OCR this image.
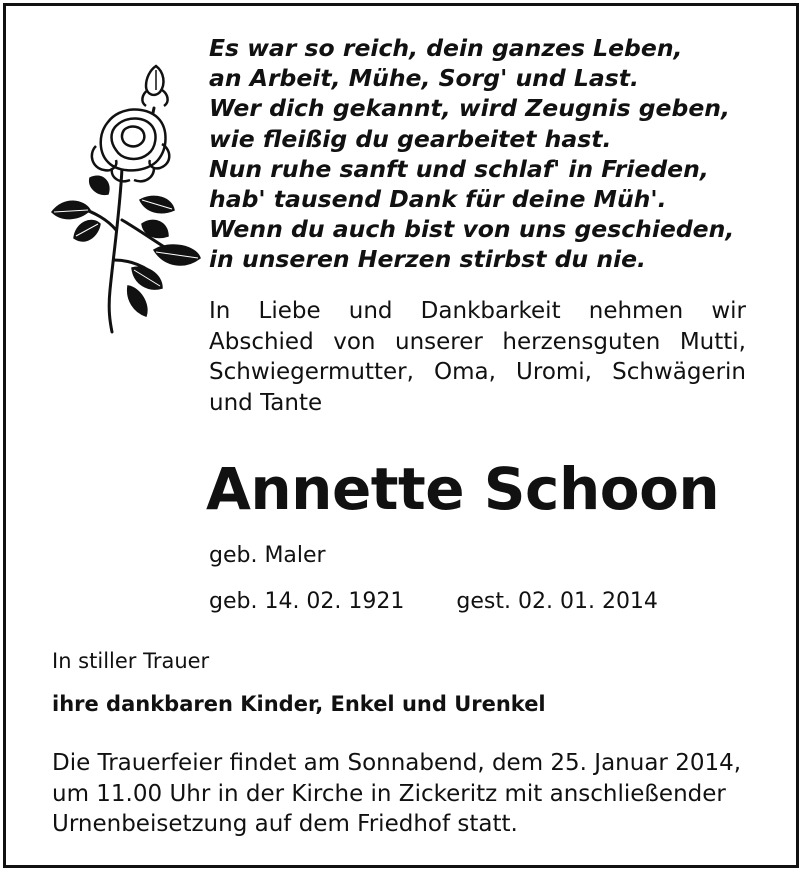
Es war so reich, dein ganzes Leben,
an Arbeit, Mühe, Sorg' und Last.
Wer dich gekannt, wird Zeugnis geben,
wie fleißig du gearbeitet hast.
Nun ruhe sanft und schlaf' in Frieden,
hab' tausend Dank für deine Müh'.
Wenn du auch bist von uns geschieden,
in unseren Herzen stirbst du nie.
In Liebe und Dankbarkeit nehmen wir Abschied von unserer herzensguten Mutti, Schwiegermutter, Oma, Uromi, Schwägerin und Tante
Annette Schoon
geb. Maler
geb. 14. 02. 1921 gest. 02. 01. 2014
In stiller Trauer
ihre dankbaren Kinder, Enkel und Urenkel
Die Trauerfeier findet am Sonnabend, dem 25. Januar 2014,
um 11.00 Uhr in der Kirche in Zickeritz mit anschließender
Urnenbeisetzung auf dem Friedhof statt.
